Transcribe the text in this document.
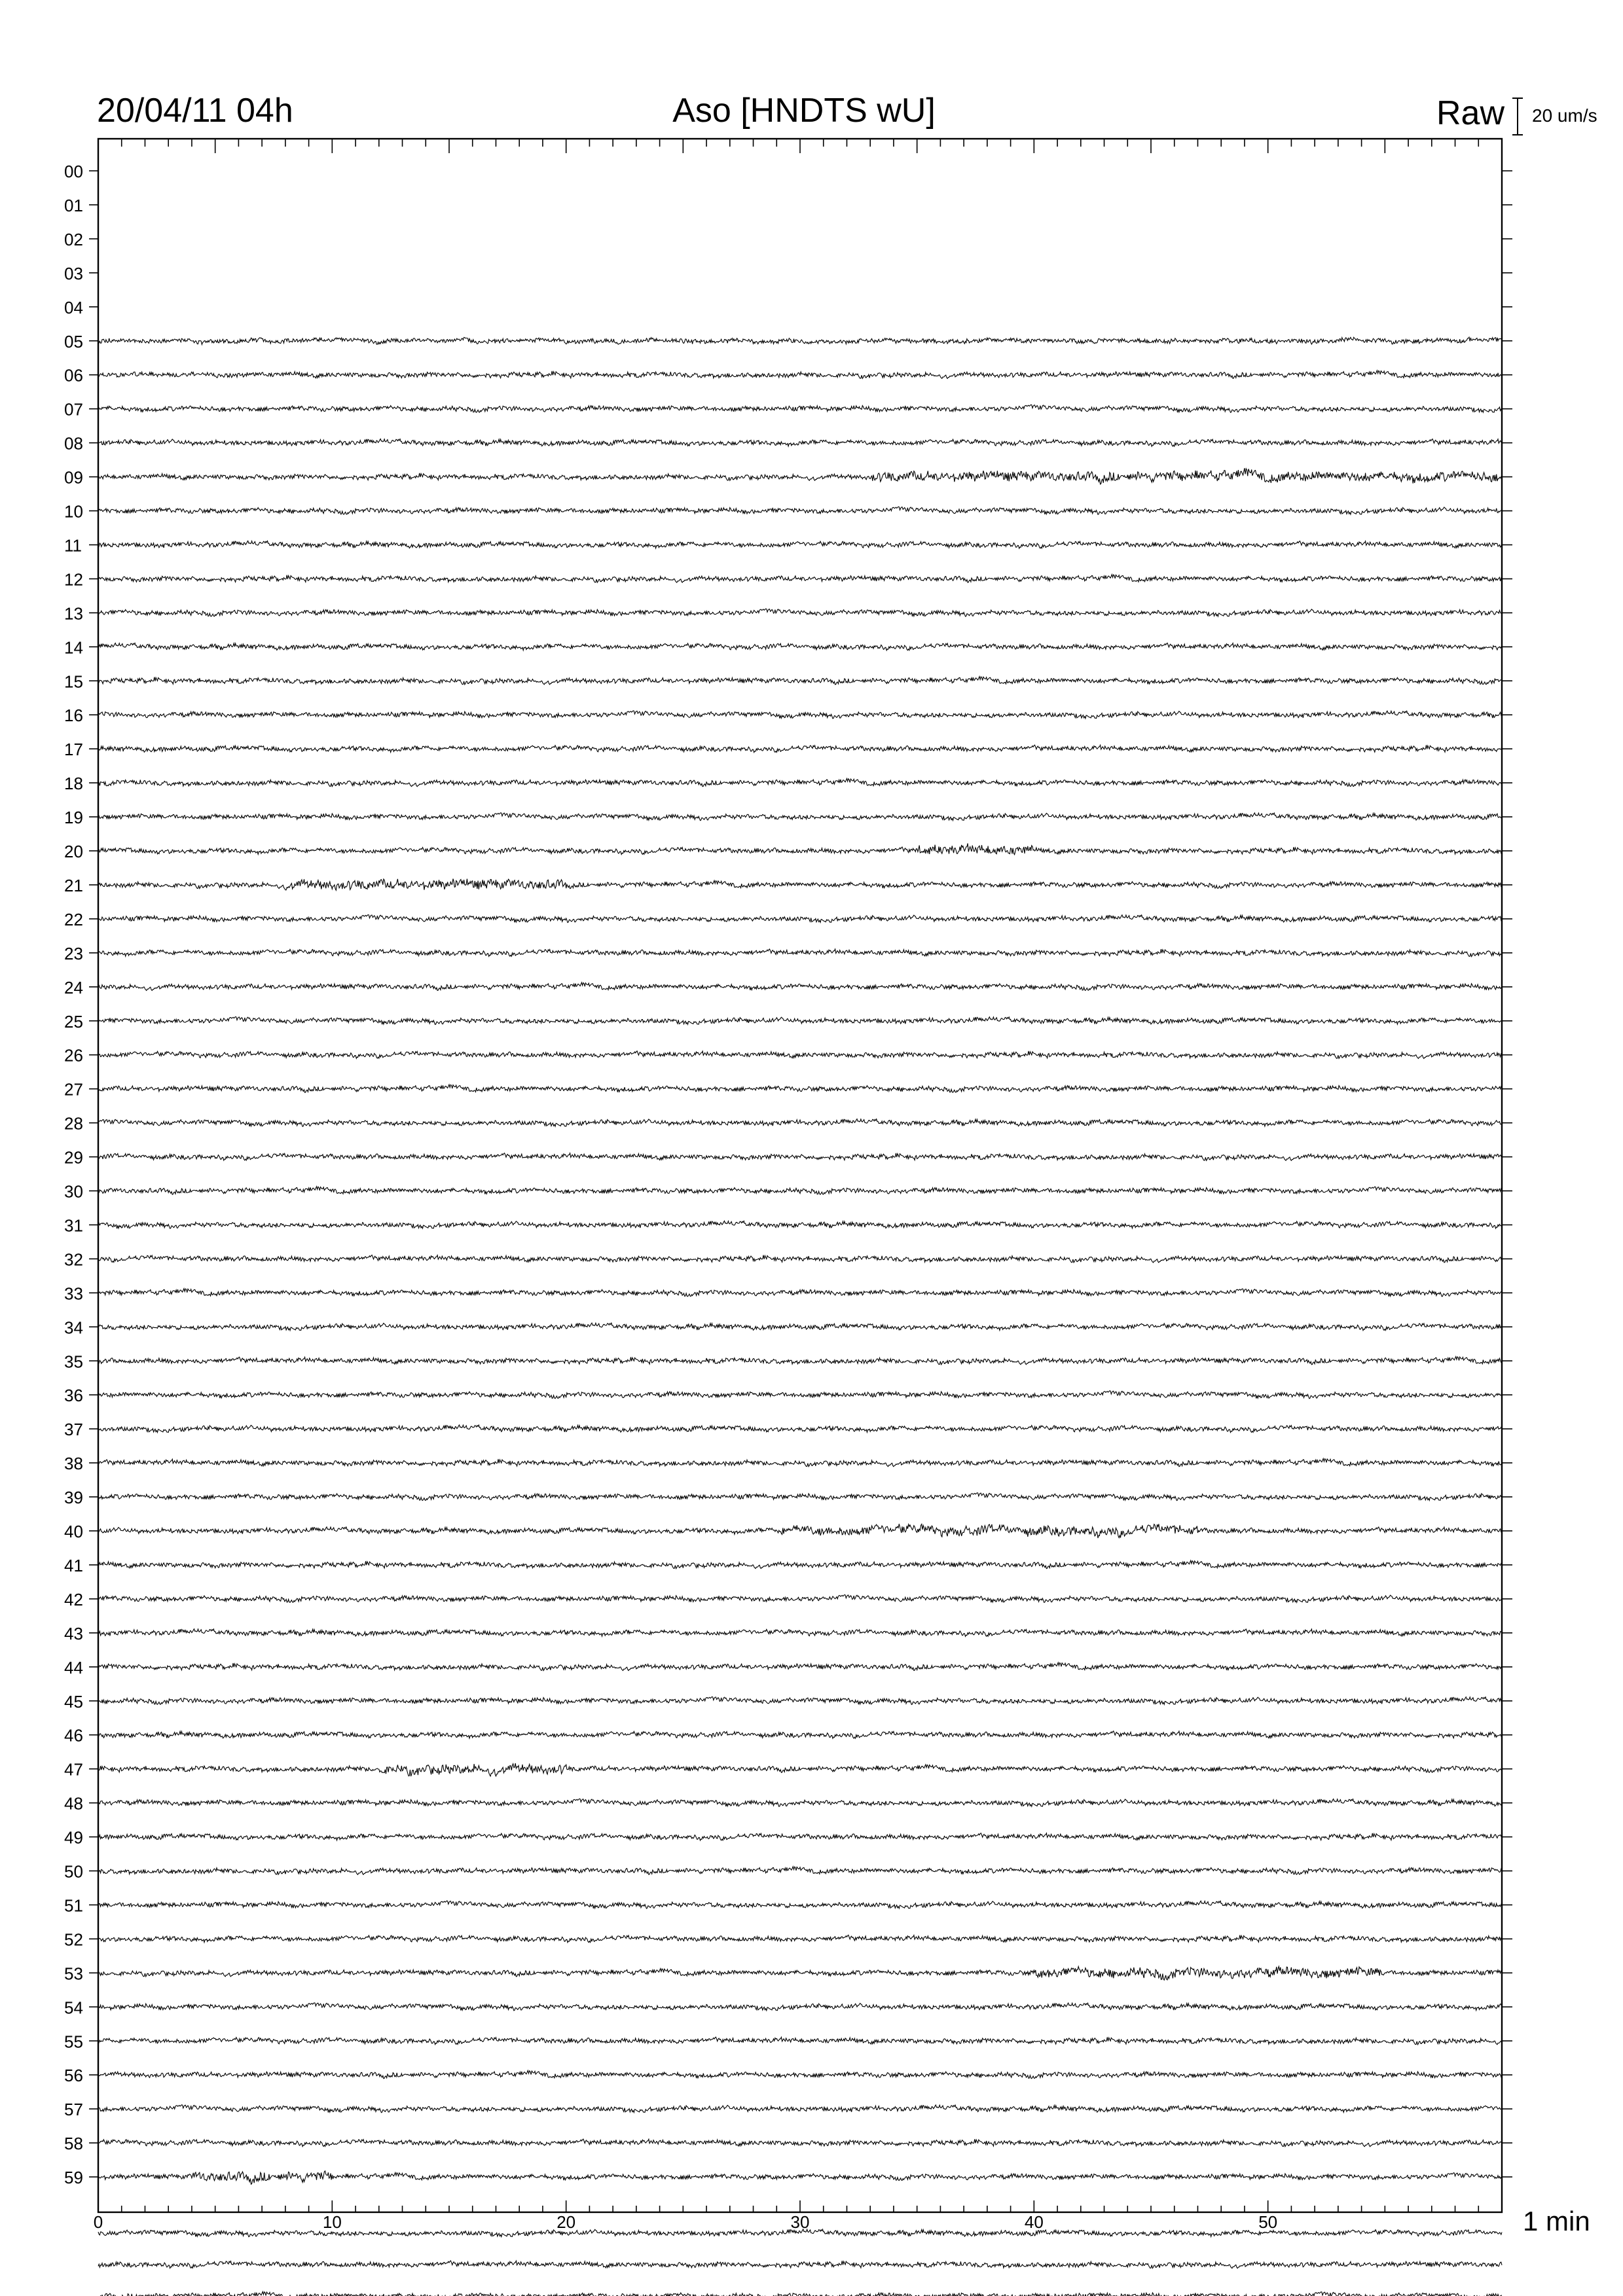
20/04/11 04h	Aso [HNDTS wU]	Raw 20 um/s
00
01
02
03
04
05
06
07
08
09
10
11
12
13
14
15
16
17
18
19
20
21
22
23
24
25
26
27
28
29
30
31
32
33
34
35
36
37
38
39
40
41
42
43
44
45
46
47
48
49
50
51
52
53
54
55
56
57
58
59
0	10	20	30	40	50	1 min
